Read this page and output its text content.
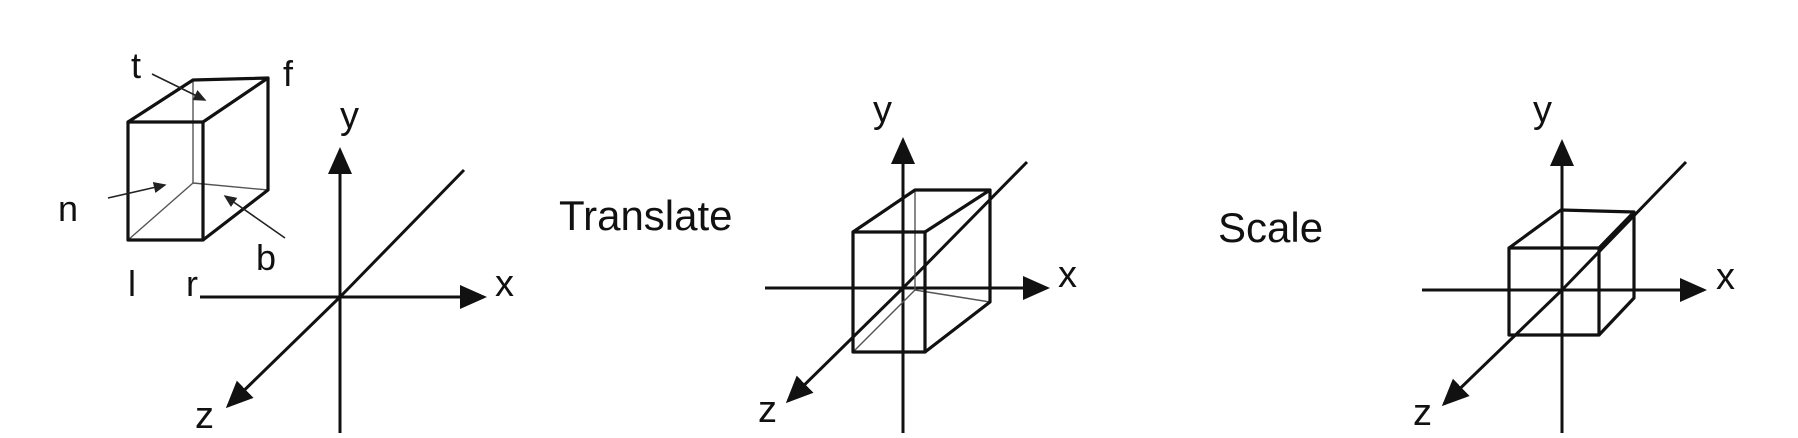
t	f
n
b
l r
y
x
z
Translate
y
x
z
Scale
y
x
z
